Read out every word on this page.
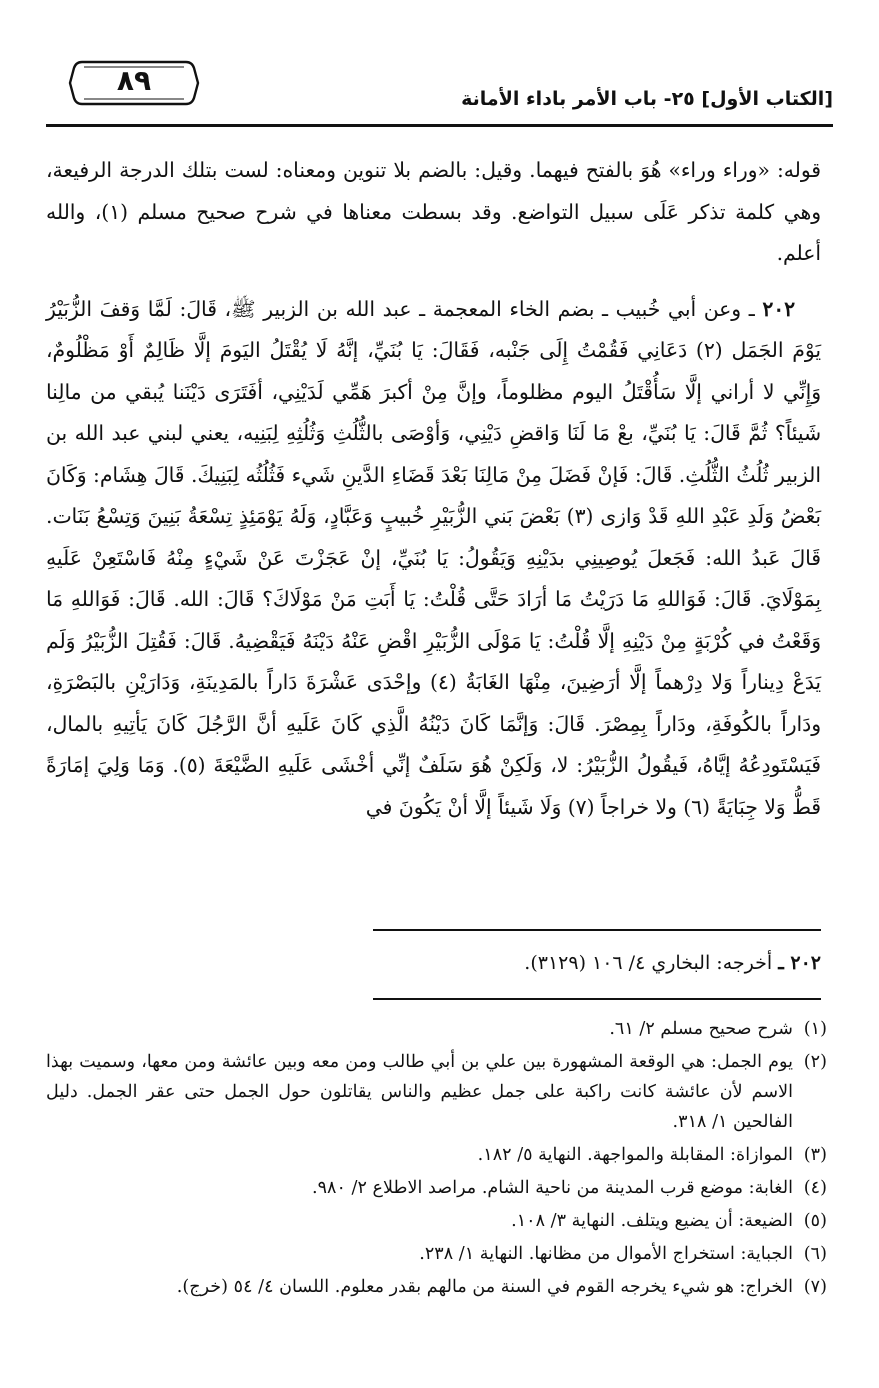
[الكتاب الأول] ٢٥- باب الأمر باداء الأمانة
٨٩

قوله: «وراء وراء» هُوَ بالفتح فيهما. وقيل: بالضم بلا تنوين ومعناه: لست بتلك الدرجة الرفيعة، وهي كلمة تذكر عَلَى سبيل التواضع. وقد بسطت معناها في شرح صحيح مسلم (١)، والله أعلم.

٢٠٢ ـ وعن أبي خُبيب ـ بضم الخاء المعجمة ـ عبد الله بن الزبير ﷺ، قَالَ: لَمَّا وَقفَ الزُّبَيْرُ يَوْمَ الجَمَل (٢) دَعَانِي فَقُمْتُ إِلَى جَنْبه، فَقَالَ: يَا بُنَيِّ، إنَّهُ لَا يُقْتَلُ اليَومَ إلَّا ظَالِمٌ أَوْ مَظْلُومٌ، وَإِنِّي لا أراني إلَّا سَأُقْتَلُ اليوم مظلوماً، وإنَّ مِنْ أكبرَ هَمِّي لَدَيْنِي، أفَتَرَى دَيْنَنا يُبقي من مالِنا شَيئاً؟ ثُمَّ قَالَ: يَا بُنَيِّ، بعْ مَا لَنَا وَاقضِ دَيْنِي، وَأوْصَى بالثُّلُثِ وَثُلُثِهِ لِبَنِيه، يعني لبني عبد الله بن الزبير ثُلُثُ الثُّلُثِ. قَالَ: فَإنْ فَضَلَ مِنْ مَالِنَا بَعْدَ قَضَاءِ الدَّينِ شَيء فَثُلُثُه لِبَنِيكَ. قَالَ هِشَام: وَكَانَ بَعْضُ وَلَدِ عَبْدِ اللهِ قَدْ وَازى (٣) بَعْضَ بَني الزُّبَيْرِ خُبيبٍ وَعَبَّادٍ، وَلَهُ يَوْمَئِذٍ تِسْعَةُ بَنِينَ وَتِسْعُ بَنَات. قَالَ عَبدُ الله: فَجَعلَ يُوصِينِي بدَيْنِهِ وَيَقُولُ: يَا بُنَيِّ، إنْ عَجَزْتَ عَنْ شَيْءٍ مِنْهُ فَاسْتَعِنْ عَلَيهِ بِمَوْلَايَ. قَالَ: فَوَاللهِ مَا دَرَيْتُ مَا أرَادَ حَتَّى قُلْتُ: يَا أَبَتِ مَنْ مَوْلَاكَ؟ قَالَ: الله. قَالَ: فَوَاللهِ مَا وَقَعْتُ في كُرْبَةٍ مِنْ دَيْنِهِ إلَّا قُلْتُ: يَا مَوْلَى الزُّبَيْرِ اقْضِ عَنْهُ دَيْنَهُ فَيَقْضِيهُ. قَالَ: فَقُتِلَ الزُّبَيْرُ وَلَم يَدَعْ دِيناراً وَلا دِرْهماً إلَّا أرَضِينَ، مِنْهَا الغَابَةُ (٤) وإحْدَى عَشْرَةَ دَاراً بالمَدِينَةِ، وَدَارَيْنِ بالبَصْرَةِ، ودَاراً بالكُوفَةِ، ودَاراً بِمِصْرَ. قَالَ: وَإنَّمَا كَانَ دَيْنُهُ الَّذِي كَانَ عَلَيهِ أنَّ الرَّجُلَ كَانَ يَأتِيهِ بالمال، فَيَسْتَودِعُهُ إيَّاهُ، فَيقُولُ الزُّبَيْرُ: لا، وَلَكِنْ هُوَ سَلَفٌ إنِّي أخْشَى عَلَيهِ الضَّيْعَةَ (٥). وَمَا وَلِيَ إمَارَةً قَطُّ وَلا جِبَايَةً (٦) ولا خراجاً (٧) وَلَا شَيئاً إلَّا أنْ يَكُونَ في

٢٠٢ ـ أخرجه: البخاري ٤/ ١٠٦ (٣١٢٩).
(١)
شرح صحيح مسلم ٢/ ٦١.
(٢)
يوم الجمل: هي الوقعة المشهورة بين علي بن أبي طالب ومن معه وبين عائشة ومن معها، وسميت بهذا الاسم لأن عائشة كانت راكبة على جمل عظيم والناس يقاتلون حول الجمل حتى عقر الجمل. دليل الفالحين ١/ ٣١٨.
(٣)
الموازاة: المقابلة والمواجهة. النهاية ٥/ ١٨٢.
(٤)
الغابة: موضع قرب المدينة من ناحية الشام. مراصد الاطلاع ٢/ ٩٨٠.
(٥)
الضيعة: أن يضيع ويتلف. النهاية ٣/ ١٠٨.
(٦)
الجباية: استخراج الأموال من مظانها. النهاية ١/ ٢٣٨.
(٧)
الخراج: هو شيء يخرجه القوم في السنة من مالهم بقدر معلوم. اللسان ٤/ ٥٤ (خرج).
